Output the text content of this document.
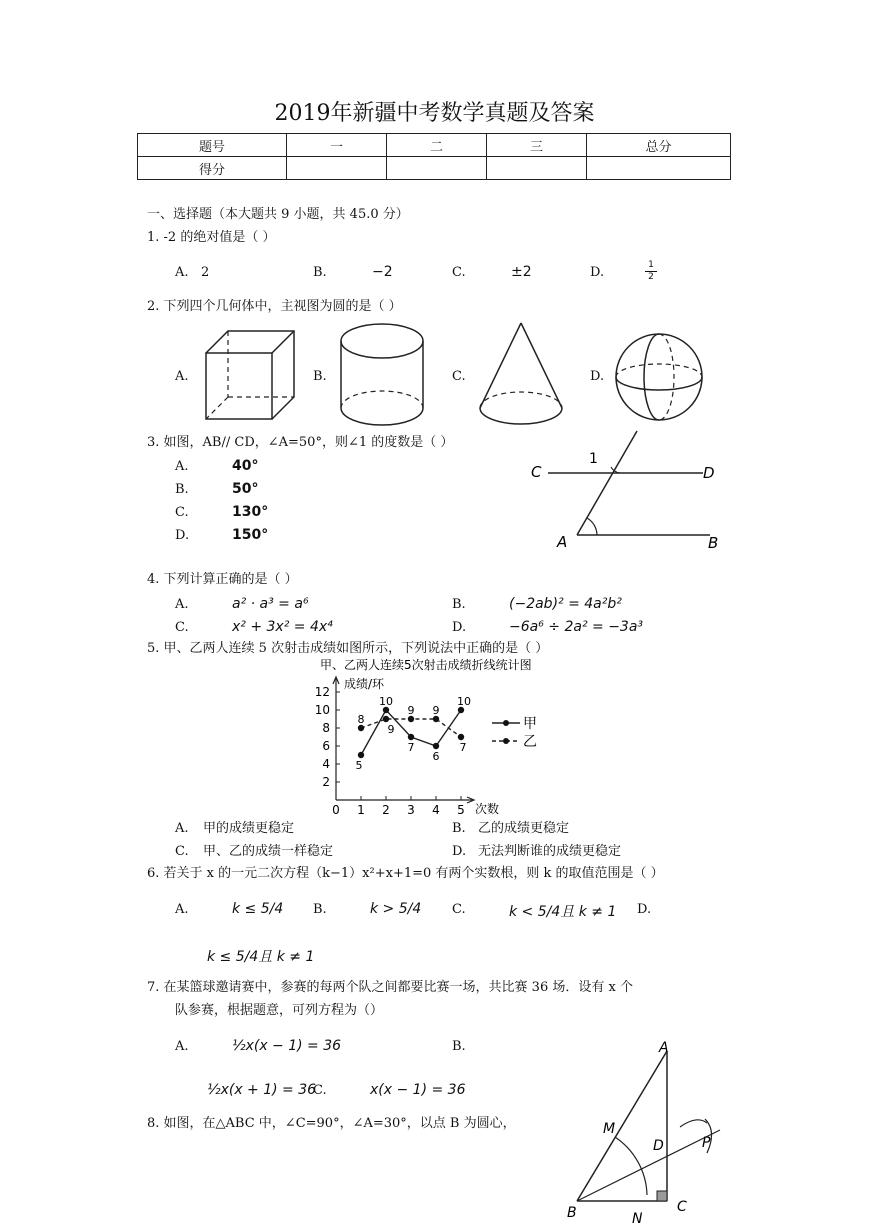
2019年新疆中考数学真题及答案
题号	一	二	三	总分
得分				
一、选择题（本大题共 9 小题，共 45.0 分）
1. -2 的绝对值是（ ）
A. 2	B.	−2	C.	±2	D.	1
2
2. 下列四个几何体中，主视图为圆的是（ ）
A.	B.	C.	D.
3. 如图，AB// CD，∠A=50°，则∠1 的度数是（ ）
A.	40°
B.	50°
C.	130°
D.	150°
C	D
A	B
1
4. 下列计算正确的是（ ）
A.	a² · a³ = a⁶	B.	(−2ab)² = 4a²b²
C.	x² + 3x² = 4x⁴	D.	−6a⁶ ÷ 2a² = −3a³
5. 甲、乙两人连续 5 次射击成绩如图所示，下列说法中正确的是（ ）
甲、乙两人连续5次射击成绩折线统计图
成绩/环
次数
2
4
6
8
10
12
0 1 2 3 4 5
5
10
7
6
10
8
9
9 9
7
甲
乙
A. 甲的成绩更稳定	B. 乙的成绩更稳定
C. 甲、乙的成绩一样稳定	D. 无法判断谁的成绩更稳定
6. 若关于 x 的一元二次方程（k−1）x²+x+1=0 有两个实数根，则 k 的取值范围是（ ）
A.	k ≤ 5/4 B.	k > 5/4 C.	k < 5/4且 k ≠ 1 D.
k ≤ 5/4且 k ≠ 1
7. 在某篮球邀请赛中，参赛的每两个队之间都要比赛一场，共比赛 36 场．设有 x 个
队参赛，根据题意，可列方程为（）
A.	½x(x − 1) = 36	B.
½x(x + 1) = 36
C.	x(x − 1) = 36
8. 如图，在△ABC 中，∠C=90°，∠A=30°，以点 B 为圆心，
A
M
D	P
B	N
C
